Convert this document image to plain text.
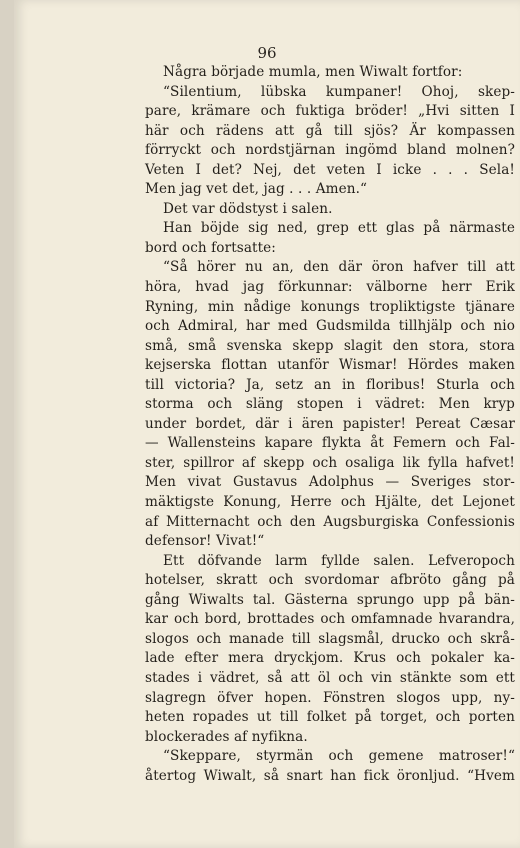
96
Några började mumla, men Wiwalt fortfor:
“Silentium, lübska kumpaner! Ohoj, skep-
pare, krämare och fuktiga bröder! „Hvi sitten I
här och rädens att gå till sjös? Är kompassen
förryckt och nordstjärnan ingömd bland molnen?
Veten I det? Nej, det veten I icke . . . Sela!
Men jag vet det, jag . . . Amen.“
Det var dödstyst i salen.
Han böjde sig ned, grep ett glas på närmaste
bord och fortsatte:
“Så hörer nu an, den där öron hafver till att
höra, hvad jag förkunnar: välborne herr Erik
Ryning, min nådige konungs tropliktigste tjänare
och Admiral, har med Gudsmilda tillhjälp och nio
små, små svenska skepp slagit den stora, stora
kejserska flottan utanför Wismar! Hördes maken
till victoria? Ja, setz an in floribus! Sturla och
storma och släng stopen i vädret: Men kryp
under bordet, där i ären papister! Pereat Cæsar
— Wallensteins kapare flykta åt Femern och Fal-
ster, spillror af skepp och osaliga lik fylla hafvet!
Men vivat Gustavus Adolphus — Sveriges stor-
mäktigste Konung, Herre och Hjälte, det Lejonet
af Mitternacht och den Augsburgiska Confessionis
defensor! Vivat!“
Ett döfvande larm fyllde salen. Lefveropoch
hotelser, skratt och svordomar afbröto gång på
gång Wiwalts tal. Gästerna sprungo upp på bän-
kar och bord, brottades och omfamnade hvarandra,
slogos och manade till slagsmål, drucko och skrå-
lade efter mera dryckjom. Krus och pokaler ka-
stades i vädret, så att öl och vin stänkte som ett
slagregn öfver hopen. Fönstren slogos upp, ny-
heten ropades ut till folket på torget, och porten
blockerades af nyfikna.
“Skeppare, styrmän och gemene matroser!“
återtog Wiwalt, så snart han fick öronljud. “Hvem
